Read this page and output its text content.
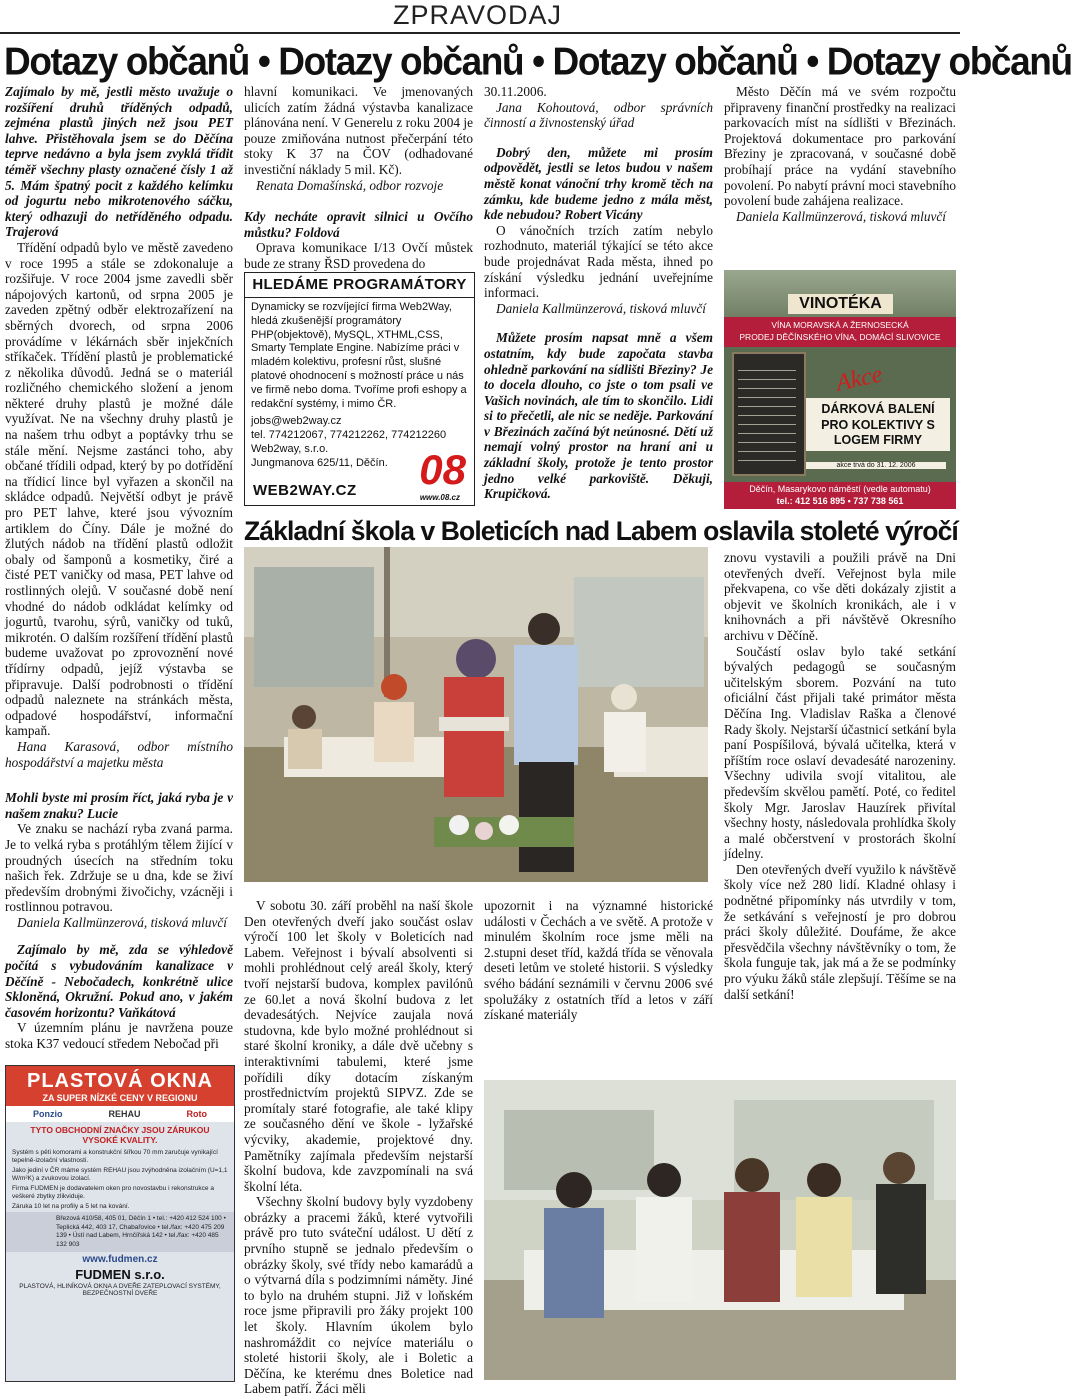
ZPRAVODAJ
Dotazy občanů • Dotazy občanů • Dotazy občanů • Dotazy občanů

Zajímalo by mě, jestli město uvažuje o rozšíření druhů tříděných odpadů, zejména plastů jiných než jsou PET lahve. Přistěhovala jsem se do Děčína teprve nedávno a byla jsem zvyklá třídit téměř všechny plasty označené čísly 1 až 5. Mám špatný pocit z každého kelímku od jogurtu nebo mikrotenového sáčku, který odhazuji do netříděného odpadu. Trajerová

Třídění odpadů bylo ve městě zavedeno v roce 1995 a stále se zdokonaluje a rozšiřuje. V roce 2004 jsme zavedli sběr nápojových kartonů, od srpna 2005 je zaveden zpětný odběr elektrozařízení na sběrných dvorech, od srpna 2006 provádíme v lékárnách sběr injekčních stříkaček. Třídění plastů je problematické z několika důvodů. Jedná se o materiál rozličného chemického složení a jenom některé druhy plastů je možné dále využívat. Ne na všechny druhy plastů je na našem trhu odbyt a poptávky trhu se stále mění. Nejsme zastánci toho, aby občané třídili odpad, který by po dotřídění na třídicí lince byl vyřazen a skončil na skládce odpadů. Největší odbyt je právě pro PET lahve, které jsou vývozním artiklem do Číny. Dále je možné do žlutých nádob na třídění plastů odložit obaly od šamponů a kosmetiky, čiré a čisté PET vaničky od masa, PET lahve od rostlinných olejů. V současné době není vhodné do nádob odkládat kelímky od jogurtů, tvarohu, sýrů, vaničky od tuků, mikrotén. O dalším rozšíření třídění plastů budeme uvažovat po zprovoznění nové třídírny odpadů, jejíž výstavba se připravuje. Další podrobnosti o třídění odpadů naleznete na stránkách města, odpadové hospodářství, informační kampaň.

Hana Karasová, odbor místního hospodářství a majetku města

Mohli byste mi prosím říct, jaká ryba je v našem znaku? Lucie

Ve znaku se nachází ryba zvaná parma. Je to velká ryba s protáhlým tělem žijící v proudných úsecích na středním toku našich řek. Zdržuje se u dna, kde se živí především drobnými živočichy, vzácněji i rostlinnou potravou.

Daniela Kallmünzerová, tisková mluvčí

Zajímalo by mě, zda se výhledově počítá s vybudováním kanalizace v Děčíně - Nebočadech, konkrétně ulice Skloněná, Okružní. Pokud ano, v jakém časovém horizontu? Vaňkátová

V územním plánu je navržena pouze stoka K37 vedoucí středem Nebočad při

PLASTOVÁ OKNA
ZA SUPER NÍZKÉ CENY V REGIONU
Ponzio	REHAU	Roto
TYTO OBCHODNÍ ZNAČKY JSOU ZÁRUKOU VYSOKÉ KVALITY.
Systém s pěti komorami a konstrukční šířkou 70 mm zaručuje vynikající tepelně-izolační vlastnosti.
Jako jediní v ČR máme systém REHAU jsou zvýhodněna izolačním (U=1,1 W/m²K) a zvukovou izolací.
Firma FUDMEN je dodavatelem oken pro novostavbu i rekonstrukce a veškeré zbytky zlikviduje.
Záruka 10 let na profily a 5 let na kování.
Březová 410/58, 405 01, Děčín 1 • tel.: +420 412 524 100 • Teplická 442, 403 17, Chabařovice • tel./fax: +420 475 209 139 • Ústí nad Labem, Hrnčířská 142 • tel./fax: +420 485 132 903
www.fudmen.cz
FUDMEN s.r.o.
PLASTOVÁ, HLINÍKOVÁ OKNA A DVEŘE ZATEPLOVACÍ SYSTÉMY, BEZPEČNOSTNÍ DVEŘE

hlavní komunikaci. Ve jmenovaných ulicích zatím žádná výstavba kanalizace plánována není. V Generelu z roku 2004 je pouze zmiňována nutnost přečerpání této stoky K 37 na ČOV (odhadované investiční náklady 5 mil. Kč).

Renata Domašínská, odbor rozvoje

Kdy necháte opravit silnici u Ovčího můstku? Foldová

Oprava komunikace I/13 Ovčí můstek bude ze strany ŘSD provedena do

HLEDÁME PROGRAMÁTORY
Dynamicky se rozvíjející firma Web2Way, hledá zkušenější programátory PHP(objektově), MySQL, XTHML,CSS, Smarty Template Engine. Nabízíme práci v mladém kolektivu, profesní růst, slušné platové ohodnocení s možností práce u nás ve firmě nebo doma. Tvoříme profi eshopy a redakční systémy, i mimo ČR.
jobs@web2way.cz
tel. 774212067, 774212262, 774212260
Web2way, s.r.o.
Jungmanova 625/11, Děčín.
WEB2WAY.CZ 08
www.08.cz

30.11.2006.

Jana Kohoutová, odbor správních činností a živnostenský úřad

Dobrý den, můžete mi prosím odpovědět, jestli se letos budou v našem městě konat vánoční trhy kromě těch na zámku, kde budeme jedno z mála měst, kde nebudou? Robert Vicány

O vánočních trzích zatím nebylo rozhodnuto, materiál týkající se této akce bude projednávat Rada města, ihned po získání výsledku jednání uveřejníme informaci.

Daniela Kallmünzerová, tisková mluvčí

Můžete prosím napsat mně a všem ostatním, kdy bude započata stavba ohledně parkování na sídlišti Březiny? Je to docela dlouho, co jste o tom psali ve Vašich novinách, ale tím to skončilo. Lidi si to přečetli, ale nic se neděje. Parkování v Březinách začíná být neúnosné. Dětí už nemají volný prostor na hraní ani u základní školy, protože je tento prostor jedno velké parkoviště. Děkuji, Krupičková.

Město Děčín má ve svém rozpočtu připraveny finanční prostředky na realizaci parkovacích míst na sídlišti v Březinách. Projektová dokumentace pro parkování Březiny je zpracovaná, v současné době probíhají práce na vydání stavebního povolení. Po nabytí právní moci stavebního povolení bude zahájena realizace.

Daniela Kallmünzerová, tisková mluvčí

VINOTÉKA
VÍNA MORAVSKÁ A ŽERNOSECKÁ
PRODEJ DĚČÍNSKÉHO VÍNA, DOMÁCÍ SLIVOVICE
Akce
DÁRKOVÁ BALENÍ PRO KOLEKTIVY S LOGEM FIRMY
akce trvá do 31. 12. 2006
Děčín, Masarykovo náměstí (vedle automatu)
tel.: 412 516 895 • 737 738 561
Základní škola v Boleticích nad Labem oslavila stoleté výročí

znovu vystavili a použili právě na Dni otevřených dveří. Veřejnost byla mile překvapena, co vše děti dokázaly zjistit a objevit ve školních kronikách, ale i v knihovnách a při návštěvě Okresního archivu v Děčíně.

Součástí oslav bylo také setkání bývalých pedagogů se současným učitelským sborem. Pozvání na tuto oficiální část přijali také primátor města Děčína Ing. Vladislav Raška a členové Rady školy. Nejstarší účastnicí setkání byla paní Pospíšilová, bývalá učitelka, která v příštím roce oslaví devadesáté narozeniny. Všechny udivila svojí vitalitou, ale především skvělou pamětí. Poté, co ředitel školy Mgr. Jaroslav Hauzírek přivítal všechny hosty, následovala prohlídka školy a malé občerstvení v prostorách školní jídelny.

Den otevřených dveří využilo k návštěvě školy více než 280 lidí. Kladné ohlasy i podnětné připomínky nás utvrdily v tom, že setkávání s veřejností je pro dobrou práci školy důležité. Doufáme, že akce přesvědčila všechny návštěvníky o tom, že škola funguje tak, jak má a že se podmínky pro výuku žáků stále zlepšují. Těšíme se na další setkání!

V sobotu 30. září proběhl na naší škole Den otevřených dveří jako součást oslav výročí 100 let školy v Boleticích nad Labem. Veřejnost i bývalí absolventi si mohli prohlédnout celý areál školy, který tvoří nejstarší budova, komplex pavilónů ze 60.let a nová školní budova z let devadesátých. Nejvíce zaujala nová studovna, kde bylo možné prohlédnout si staré školní kroniky, a dále dvě učebny s interaktivními tabulemi, které jsme pořídili díky dotacím získaným prostřednictvím projektů SIPVZ. Zde se promítaly staré fotografie, ale také klipy ze současného dění ve škole - lyžařské výcviky, akademie, projektové dny. Pamětníky zajímala především nejstarší školní budova, kde zavzpomínali na svá školní léta.

Všechny školní budovy byly vyzdobeny obrázky a pracemi žáků, které vytvořili právě pro tuto sváteční událost. U dětí z prvního stupně se jednalo především o obrázky školy, své třídy nebo kamarádů a o výtvarná díla s podzimními náměty. Jiné to bylo na druhém stupni. Již v loňském roce jsme připravili pro žáky projekt 100 let školy. Hlavním úkolem bylo nashromáždit co nejvíce materiálu o stoleté historii školy, ale i Boletic a Děčína, ke kterému dnes Boletice nad Labem patří. Žáci měli

upozornit i na významné historické události v Čechách a ve světě. A protože v minulém školním roce jsme měli na 2.stupni deset tříd, každá třída se věnovala deseti letům ve stoleté historii. S výsledky svého bádání seznámili v červnu 2006 své spolužáky z ostatních tříd a letos v září získané materiály
